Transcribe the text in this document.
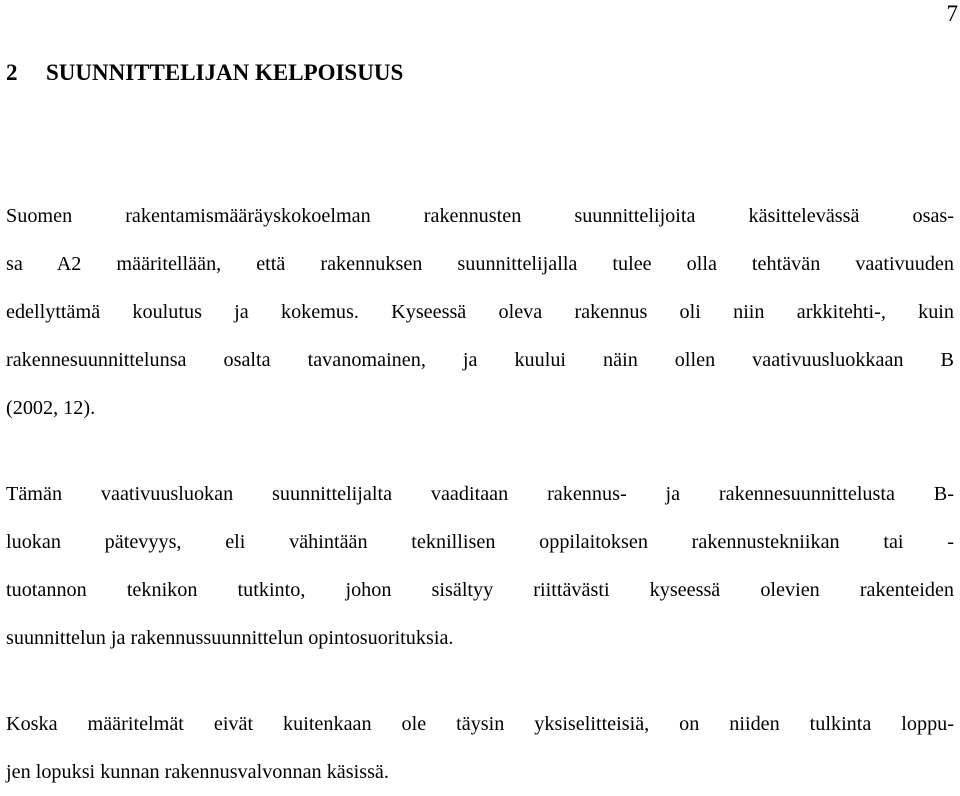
7
2 SUUNNITTELIJAN KELPOISUUS

Suomen rakentamismääräyskokoelman rakennusten suunnittelijoita käsittelevässä osas-
sa A2 määritellään, että rakennuksen suunnittelijalla tulee olla tehtävän vaativuuden
edellyttämä koulutus ja kokemus. Kyseessä oleva rakennus oli niin arkkitehti-, kuin
rakennesuunnittelunsa osalta tavanomainen, ja kuului näin ollen vaativuusluokkaan B
(2002, 12).

Tämän vaativuusluokan suunnittelijalta vaaditaan rakennus- ja rakennesuunnittelusta B-
luokan pätevyys, eli vähintään teknillisen oppilaitoksen rakennustekniikan tai -
tuotannon teknikon tutkinto, johon sisältyy riittävästi kyseessä olevien rakenteiden
suunnittelun ja rakennussuunnittelun opintosuorituksia.

Koska määritelmät eivät kuitenkaan ole täysin yksiselitteisiä, on niiden tulkinta loppu-
jen lopuksi kunnan rakennusvalvonnan käsissä.
